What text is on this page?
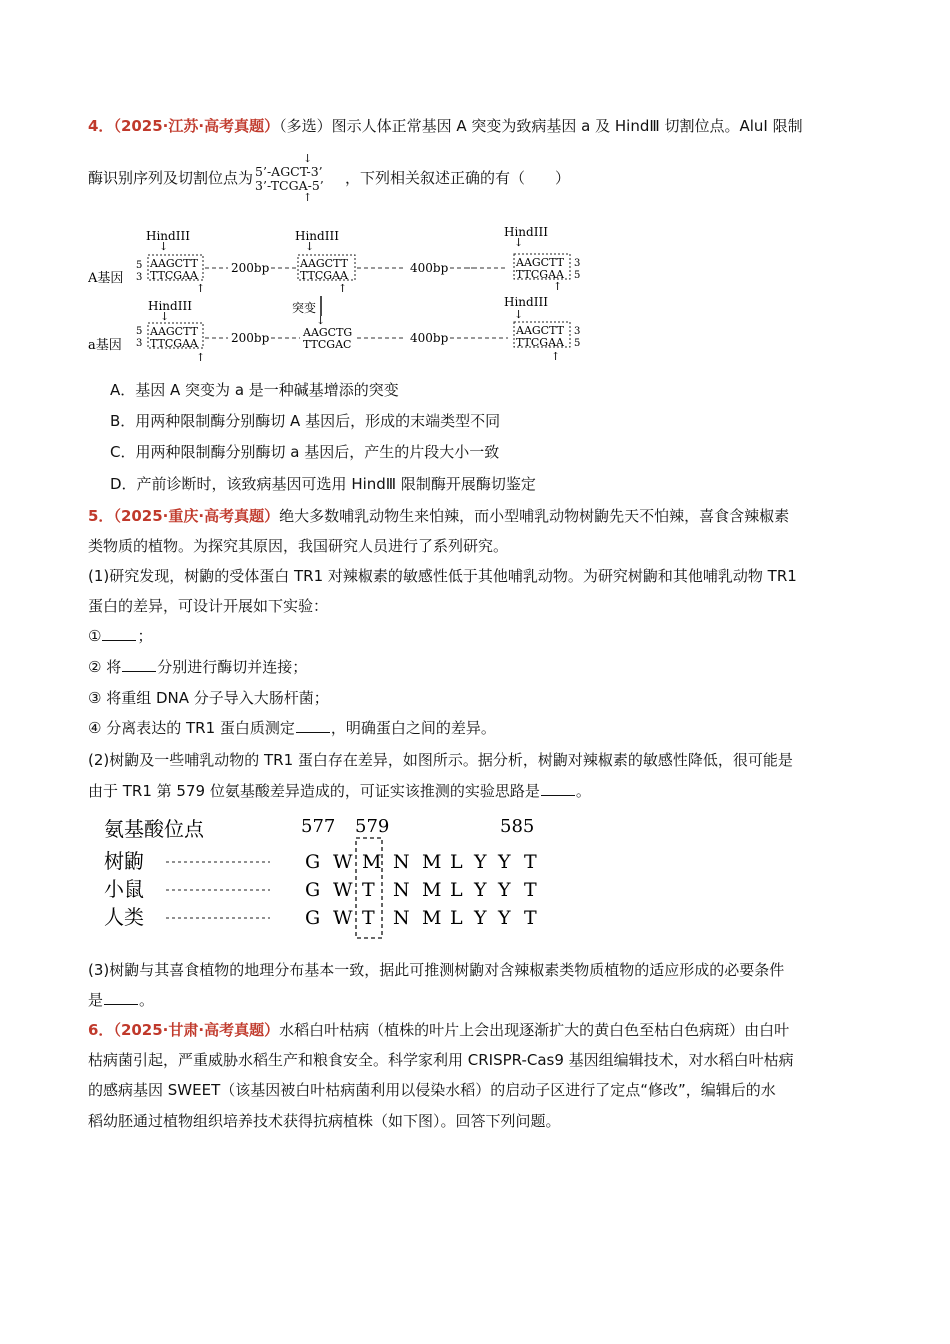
4．（2025·江苏·高考真题）（多选）图示人体正常基因 A 突变为致病基因 a 及 HindⅢ 切割位点。AluⅠ 限制
酶识别序列及切割位点为
↓
5’-AGCT-3’
3’-TCGA-5’
↑
，下列相关叙述正确的有（　　）
A基因
5
3
HindIII
↓
AAGCTT
TTCGAA
↑
200bp
HindIII
↓
AAGCTT
TTCGAA
↑
400bp
HindIII
↓
AAGCTT
TTCGAA
3
5
↑
a基因
5
3
HindIII
↓
AAGCTT
TTCGAA
↑
200bp
突变
↓
AAGCTG
TTCGAC	400bp
HindIII
↓
AAGCTT
TTCGAA
3
5
↑
A．基因 A 突变为 a 是一种碱基增添的突变
B．用两种限制酶分别酶切 A 基因后，形成的末端类型不同
C．用两种限制酶分别酶切 a 基因后，产生的片段大小一致
D．产前诊断时，该致病基因可选用 HindⅢ 限制酶开展酶切鉴定
5．（2025·重庆·高考真题）绝大多数哺乳动物生来怕辣，而小型哺乳动物树鼩先天不怕辣，喜食含辣椒素
类物质的植物。为探究其原因，我国研究人员进行了系列研究。
(1)研究发现，树鼩的受体蛋白 TR1 对辣椒素的敏感性低于其他哺乳动物。为研究树鼩和其他哺乳动物 TR1
蛋白的差异，可设计开展如下实验：
① ；
② 将 分别进行酶切并连接；
③ 将重组 DNA 分子导入大肠杆菌；
④ 分离表达的 TR1 蛋白质测定 ，明确蛋白之间的差异。
(2)树鼩及一些哺乳动物的 TR1 蛋白存在差异，如图所示。据分析，树鼩对辣椒素的敏感性降低，很可能是
由于 TR1 第 579 位氨基酸差异造成的，可证实该推测的实验思路是 。
氨基酸位点	577 579	585
树鼩	G W M N M L Y Y T
小鼠	G W T N M L Y Y T
人类	G W T N M L Y Y T
(3)树鼩与其喜食植物的地理分布基本一致，据此可推测树鼩对含辣椒素类物质植物的适应形成的必要条件
是 。
6．（2025·甘肃·高考真题）水稻白叶枯病（植株的叶片上会出现逐渐扩大的黄白色至枯白色病斑）由白叶
枯病菌引起，严重威胁水稻生产和粮食安全。科学家利用 CRISPR-Cas9 基因组编辑技术，对水稻白叶枯病
的感病基因 SWEET（该基因被白叶枯病菌利用以侵染水稻）的启动子区进行了定点“修改”，编辑后的水
稻幼胚通过植物组织培养技术获得抗病植株（如下图）。回答下列问题。
